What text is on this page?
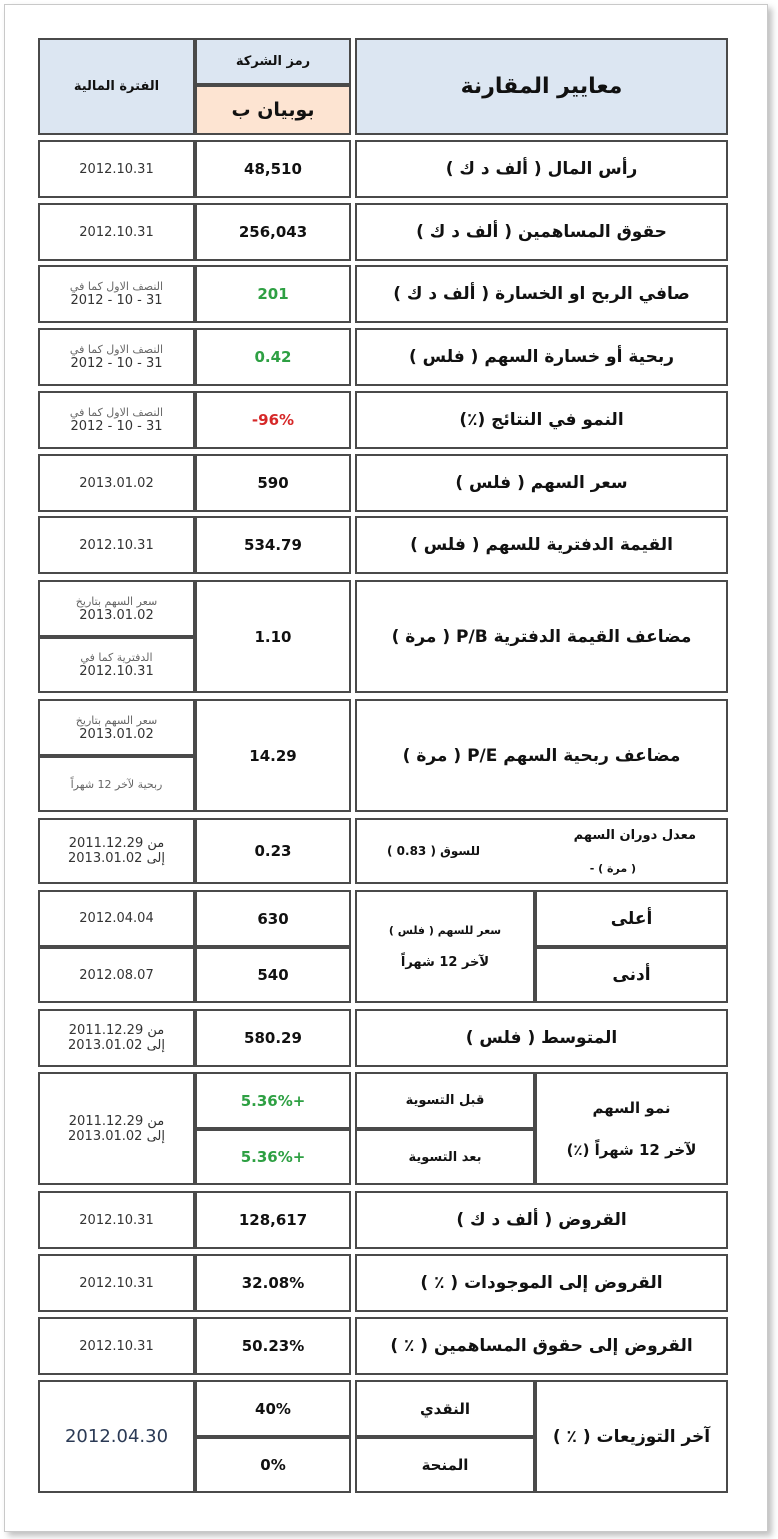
معايير المقارنة
رمز الشركة
بوبيان ب
الفترة المالية
رأس المال ( ألف د ك )
48,510
2012.10.31
حقوق المساهمين ( ألف د ك )
256,043
2012.10.31
صافي الربح او الخسارة ( ألف د ك )
201
النصف الاول كما في
2012 - 10 - 31
ربحية أو خسارة السهم ( فلس )
0.42
النصف الاول كما في
2012 - 10 - 31
النمو في النتائج (٪)
-96%
النصف الاول كما في
2012 - 10 - 31
سعر السهم ( فلس )
590
2013.01.02
القيمة الدفترية للسهم ( فلس )
534.79
2012.10.31
مضاعف القيمة الدفترية P/B ( مرة )
1.10
سعر السهم بتاريخ
2013.01.02
الدفترية كما في
2012.10.31
مضاعف ربحية السهم P/E ( مرة )
14.29
سعر السهم بتاريخ
2013.01.02
ربحية لآخر 12 شهراً
معدل دوران السهم
للسوق ( 0.83 )
( مرة ) -
0.23
من 2011.12.29
إلى 2013.01.02
أعلى
أدنى
سعر للسهم ( فلس )
لآخر 12 شهراً
630
540
2012.04.04
2012.08.07
المتوسط ( فلس )
580.29
من 2011.12.29
إلى 2013.01.02
نمو السهم
لآخر 12 شهراً (٪)
قبل التسوية
بعد التسوية
5.36%+
5.36%+
من 2011.12.29
إلى 2013.01.02
القروض ( ألف د ك )
128,617
2012.10.31
القروض إلى الموجودات ( ٪ )
32.08%
2012.10.31
القروض إلى حقوق المساهمين ( ٪ )
50.23%
2012.10.31
آخر التوزيعات ( ٪ )
النقدي
المنحة
40%
0%
2012.04.30
